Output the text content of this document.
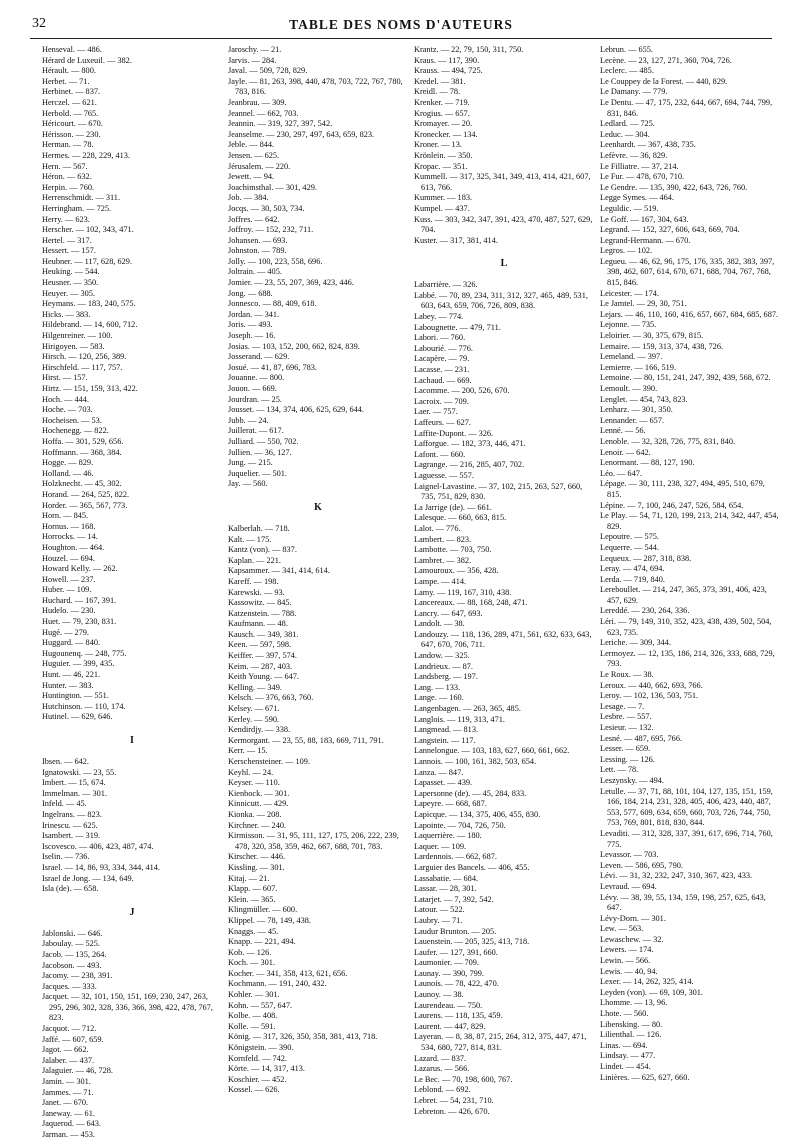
32	TABLE DES NOMS D'AUTEURS
Henseval. — 486.
Hérard de Luxeuil. — 382.
Hérault. — 800.
Herbet. — 71.
Herbinet. — 837.
Herczel. — 621.
Herbold. — 765.
Héricourt. — 670.
Hérisson. — 230.
Herman. — 78.
Hermes. — 228, 229, 413.
Hern. — 567.
Héron. — 632.
Herpin. — 760.
Herrenschmidt. — 311.
Herringham. — 725.
Herry. — 623.
Herscher. — 102, 343, 471.
Hertel. — 317.
Hessert. — 157.
Heubner. — 117, 628, 629.
Heuking. — 544.
Heusner. — 350.
Heuyer. — 305.
Heymans. — 183, 240, 575.
Hicks. — 383.
Hildebrand. — 14, 600, 712.
Hilgenreiner. — 100.
Hirigoyen. — 583.
Hirsch. — 120, 256, 389.
Hirschfeld. — 117, 757.
Hirst. — 157.
Hirtz. — 151, 159, 313, 422.
Hoch. — 444.
Hoche. — 703.
Hocheisen. — 53.
Hochenegg. — 822.
Hoffa. — 301, 529, 656.
Hoffmann. — 368, 384.
Hogge. — 829.
Holland. — 46.
Holzknecht. — 45, 302.
Horand. — 264, 525, 822.
Horder. — 365, 567, 773.
Horn. — 845.
Hornus. — 168.
Horrocks. — 14.
Houghton. — 464.
Houzel. — 694.
Howard Kelly. — 262.
Howell. — 237.
Huber. — 109.
Huchard. — 167, 391.
Hudelo. — 230.
Huet. — 79, 230, 831.
Hugé. — 279.
Huggard. — 840.
Hugounenq. — 248, 775.
Huguier. — 399, 435.
Hunt. — 46, 221.
Hunter. — 383.
Huntington. — 551.
Hutchinson. — 110, 174.
Hutinel. — 629, 646.
I
Ibsen. — 642.
Ignatowski. — 23, 55.
Imbert. — 15, 674.
Immelman. — 301.
Infeld. — 45.
Ingelrans. — 823.
Irinescu. — 625.
Isambert. — 319.
Iscovesco. — 406, 423, 487, 474.
Iselin. — 736.
Israel. — 14, 86, 93, 334, 344, 414.
Israel de Jong. — 134, 649.
Isla (de). — 658.
J
Jablonski. — 646.
Jaboulay. — 525.
Jacob. — 135, 264.
Jacobson. — 493.
Jacomy. — 238, 391.
Jacques. — 333.
Jacquet. — 32, 101, 150, 151, 169, 230, 247, 263, 295, 296, 302, 328, 336, 366, 398, 422, 478, 767, 823.
Jacquot. — 712.
Jaffé. — 607, 659.
Jagot. — 662.
Jalaber. — 437.
Jalaguier. — 46, 728.
Jamin. — 301.
Jammes. — 71.
Janet. — 670.
Janeway. — 61.
Jaquerod. — 643.
Jarman. — 453.
Jaroschy. — 21.
Jarvis. — 284.
Javal. — 509, 728, 829.
Jayle. — 81, 263, 398, 440, 478, 703, 722, 767, 780, 783, 816.
Jeanbrau. — 309.
Jeannel. — 662, 703.
Jeannin. — 319, 327, 397, 542.
Jeanselme. — 230, 297, 497, 643, 659, 823.
Jeble. — 844.
Jensen. — 625.
Jérusalem. — 220.
Jewett. — 94.
Joachimsthal. — 301, 429.
Job. — 384.
Jocqs. — 30, 503, 734.
Joffres. — 642.
Joffroy. — 152, 232, 711.
Johansen. — 693.
Johnston. — 789.
Jolly. — 100, 223, 558, 696.
Joltrain. — 405.
Jomier. — 23, 55, 207, 369, 423, 446.
Jong. — 688.
Jonnesco. — 88, 409, 618.
Jordan. — 341.
Joris. — 493.
Joseph. — 16.
Josias. — 103, 152, 200, 662, 824, 839.
Josserand. — 629.
Josué. — 41, 87, 696, 783.
Jouanne. — 800.
Jouon. — 669.
Jourdran. — 25.
Jousset. — 134, 374, 406, 625, 629, 644.
Jubb. — 24.
Juillerat. — 617.
Julliard. — 550, 702.
Jullien. — 36, 127.
Jung. — 215.
Juquelier. — 501.
Jay. — 560.
K
Kalberlah. — 718.
Kalt. — 175.
Kantz (von). — 837.
Kaplan. — 221.
Kapsammer. — 341, 414, 614.
Kareff. — 198.
Karewski. — 93.
Kassowitz. — 845.
Katzenstein. — 788.
Kaufmann. — 48.
Kausch. — 349, 381.
Keen. — 597, 598.
Keiffer. — 397, 574.
Keim. — 287, 403.
Keith Young. — 647.
Kelling. — 349.
Kelsch. — 376, 663, 760.
Kelsey. — 671.
Kerley. — 590.
Kendirdjy. — 338.
Kermorgant. — 23, 55, 88, 183, 669, 711, 791.
Kerr. — 15.
Kerschensteiner. — 109.
Keyhl. — 24.
Keyser. — 110.
Kienbock. — 301.
Kinnicutt. — 429.
Kionka. — 208.
Kirchner. — 240.
Kirmisson. — 31, 95, 111, 127, 175, 206, 222, 239, 478, 320, 358, 359, 462, 667, 688, 701, 783.
Kirscher. — 446.
Kissling. — 301.
Kitaj. — 21.
Klapp. — 607.
Klein. — 365.
Klingmüller. — 600.
Klippel. — 78, 149, 438.
Knaggs. — 45.
Knapp. — 221, 494.
Kob. — 126.
Koch. — 301.
Kocher. — 341, 358, 413, 621, 656.
Kochmann. — 191, 240, 432.
Kohler. — 301.
Kohn. — 557, 647.
Kolbe. — 408.
Kolle. — 591.
König. — 317, 326, 350, 358, 381, 413, 718.
Königstein. — 390.
Kornfeld. — 742.
Körte. — 14, 317, 413.
Koschier. — 452.
Kossel. — 626.
Krantz. — 22, 79, 150, 311, 750.
Kraus. — 117, 390.
Krauss. — 494, 725.
Kredel. — 381.
Kreidl. — 78.
Krenker. — 719.
Krogius. — 657.
Kromayer. — 20.
Kronecker. — 134.
Kroner. — 13.
Krönlein. — 350.
Kropac. — 351.
Kummell. — 317, 325, 341, 349, 413, 414, 421, 607, 613, 766.
Kummer. — 183.
Kumpel. — 437.
Kuss. — 303, 342, 347, 391, 423, 470, 487, 527, 629, 704.
Kuster. — 317, 381, 414.
L
Labarrière. — 326.
Labbé. — 70, 89, 234, 311, 312, 327, 465, 489, 531, 603, 643, 659, 706, 726, 809, 838.
Labey. — 774.
Labougnette. — 479, 711.
Labori. — 760.
Labourié. — 776.
Lacapère. — 79.
Lacasse. — 231.
Lachaud. — 669.
Lacomme. — 200, 526, 670.
Lacroix. — 709.
Laer. — 757.
Laffeurs. — 627.
Laffite-Dupont. — 326.
Lafforgue. — 182, 373, 446, 471.
Lafont. — 660.
Lagrange. — 216, 285, 407, 702.
Laguesse. — 557.
Laignel-Lavastine. — 37, 102, 215, 263, 527, 660, 735, 751, 829, 830.
La Jarrige (de). — 661.
Lalesque. — 660, 663, 815.
Lalot. — 776.
Lambert. — 823.
Lambotte. — 703, 750.
Lambret. — 382.
Lamouroux. — 356, 428.
Lampe. — 414.
Lamy. — 119, 167, 310, 438.
Lancereaux. — 88, 168, 248, 471.
Lancry. — 647, 693.
Landolt. — 38.
Landouzy. — 118, 136, 289, 471, 561, 632, 633, 643, 647, 670, 706, 711.
Landow. — 325.
Landrieux. — 87.
Landsberg. — 197.
Lang. — 133.
Lange. — 160.
Langenbagen. — 263, 365, 485.
Langlois. — 119, 313, 471.
Langmead. — 813.
Langstein. — 117.
Lannelongue. — 103, 183, 627, 660, 661, 662.
Lannois. — 100, 161, 382, 503, 654.
Lanza. — 847.
Lapasset. — 439.
Lapersonne (de). — 45, 284, 833.
Lapeyre. — 668, 687.
Lapicque. — 134, 375, 406, 455, 830.
Lapointe. — 704, 726, 750.
Laquerrière. — 180.
Laquer. — 109.
Lardennois. — 662, 687.
Larguier des Bancels. — 406, 455.
Lassabatie. — 684.
Lassar. — 28, 301.
Latarjet. — 7, 392, 542.
Latour. — 522.
Laubry. — 71.
Laudur Brunton. — 205.
Lauenstein. — 205, 325, 413, 718.
Laufer. — 127, 391, 660.
Laumonier. — 709.
Launay. — 390, 799.
Launois. — 78, 422, 470.
Launoy. — 38.
Laurendeau. — 750.
Laurens. — 118, 135, 459.
Laurent. — 447, 829.
Layeran. — 8, 38, 87, 215, 264, 312, 375, 447, 471, 534, 680, 727, 814, 831.
Lazard. — 837.
Lazarus. — 566.
Le Bec. — 70, 198, 600, 767.
Leblond. — 692.
Lebret. — 54, 231, 710.
Lebreton. — 426, 670.
Lebrun. — 655.
Lecène. — 23, 127, 271, 360, 704, 726.
Leclerc. — 485.
Le Couppey de la Forest. — 440, 829.
Le Damany. — 779.
Le Dentu. — 47, 175, 232, 644, 667, 694, 744, 799, 831, 846.
Ledlard. — 725.
Leduc. — 304.
Leenhardt. — 367, 438, 735.
Lefèvre. — 36, 829.
Le Filliatre. — 37, 214.
Le Fur. — 478, 670, 710.
Le Gendre. — 135, 390, 422, 643, 726, 760.
Legge Symes. — 464.
Leguldic. — 519.
Le Goff. — 167, 304, 643.
Legrand. — 152, 327, 606, 643, 669, 704.
Legrand-Hermann. — 670.
Legros. — 102.
Legueu. — 46, 62, 96, 175, 176, 335, 382, 383, 397, 398, 462, 607, 614, 670, 671, 688, 704, 767, 768, 815, 846.
Leicester. — 174.
Le Jamtel. — 29, 30, 751.
Lejars. — 46, 110, 160, 416, 657, 667, 684, 685, 687.
Lejonne. — 735.
Leloirier. — 30, 375, 679, 815.
Lemaire. — 159, 313, 374, 438, 726.
Lemeland. — 397.
Lemierre. — 166, 519.
Lemoine. — 80, 151, 241, 247, 392, 439, 568, 672.
Lemoult. — 390.
Lenglet. — 454, 743, 823.
Lenharz. — 301, 350.
Lennander. — 657.
Lenné. — 56.
Lenoble. — 32, 328, 726, 775, 831, 840.
Lenoir. — 642.
Lenormant. — 88, 127, 190.
Léo. — 647.
Lépage. — 30, 111, 238, 327, 494, 495, 510, 679, 815.
Lépine. — 7, 100, 246, 247, 526, 584, 654.
Le Play. — 54, 71, 120, 199, 213, 214, 342, 447, 454, 829.
Lepoutre. — 575.
Lequerre. — 544.
Lequeux. — 287, 318, 838.
Leray. — 474, 694.
Lerda. — 719, 840.
Lereboullet. — 214, 247, 365, 373, 391, 406, 423, 457, 629.
Lereddé. — 230, 264, 336.
Léri. — 79, 149, 310, 352, 423, 438, 439, 502, 504, 623, 735.
Leriche. — 309, 344.
Lermoyez. — 12, 135, 186, 214, 326, 333, 688, 729, 793.
Le Roux. — 38.
Leroux. — 440, 662, 693, 766.
Leroy. — 102, 136, 503, 751.
Lesage. — 7.
Lesbre. — 557.
Lesieur. — 132.
Lesné. — 487, 695, 766.
Lesser. — 659.
Lessing. — 126.
Lett. — 78.
Leszynsky. — 494.
Letulle. — 37, 71, 88, 101, 104, 127, 135, 151, 159, 166, 184, 214, 231, 328, 405, 406, 423, 440, 487, 553, 577, 609, 634, 659, 660, 703, 726, 744, 750, 753, 769, 801, 818, 830, 844.
Levaditi. — 312, 328, 337, 391, 617, 696, 714, 760, 775.
Levassor. — 703.
Leven. — 586, 695, 790.
Lévi. — 31, 32, 232, 247, 310, 367, 423, 433.
Levraud. — 694.
Lévy. — 38, 39, 55, 134, 159, 198, 257, 625, 643, 647.
Lévy-Dorn. — 301.
Lew. — 563.
Lewaschew. — 32.
Lewers. — 174.
Lewin. — 566.
Lewis. — 40, 94.
Lexer. — 14, 262, 325, 414.
Leyden (von). — 69, 109, 301.
Lhomme. — 13, 96.
Lhote. — 560.
Libensking. — 80.
Lilienthal. — 126.
Linas. — 694.
Lindsay. — 477.
Lindet. — 454.
Linières. — 625, 627, 660.
